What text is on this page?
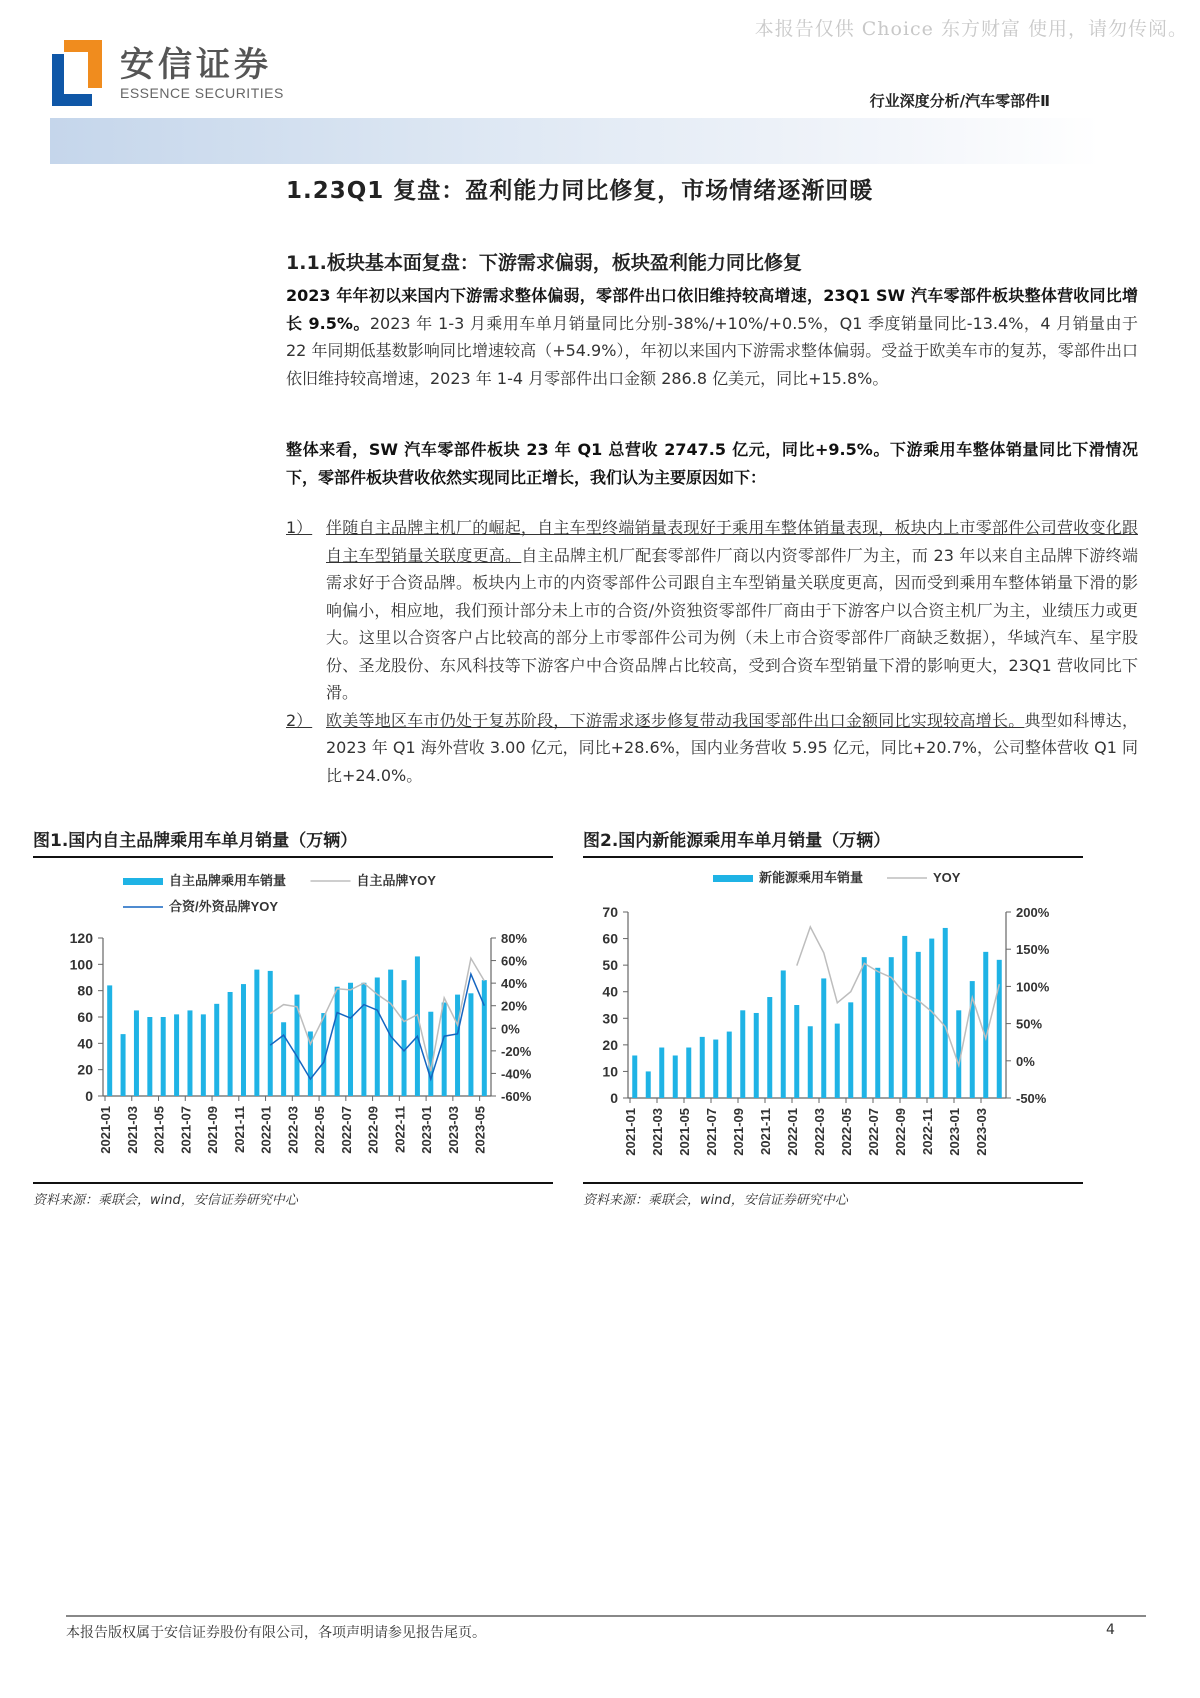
本报告仅供 Choice 东方财富 使用，请勿传阅。
安信证券
ESSENCE SECURITIES	行业深度分析/汽车零部件Ⅱ
1.23Q1 复盘：盈利能力同比修复，市场情绪逐渐回暖
1.1.板块基本面复盘：下游需求偏弱，板块盈利能力同比修复
2023 年年初以来国内下游需求整体偏弱，零部件出口依旧维持较高增速，23Q1 SW 汽车零部件板块整体营收同比增长 9.5%。2023 年 1-3 月乘用车单月销量同比分别-38%/+10%/+0.5%，Q1 季度销量同比-13.4%，4 月销量由于 22 年同期低基数影响同比增速较高（+54.9%），年初以来国内下游需求整体偏弱。受益于欧美车市的复苏，零部件出口依旧维持较高增速，2023 年 1-4 月零部件出口金额 286.8 亿美元，同比+15.8%。
整体来看，SW 汽车零部件板块 23 年 Q1 总营收 2747.5 亿元，同比+9.5%。下游乘用车整体销量同比下滑情况下，零部件板块营收依然实现同比正增长，我们认为主要原因如下：
1） 伴随自主品牌主机厂的崛起，自主车型终端销量表现好于乘用车整体销量表现，板块内上市零部件公司营收变化跟自主车型销量关联度更高。自主品牌主机厂配套零部件厂商以内资零部件厂为主，而 23 年以来自主品牌下游终端需求好于合资品牌。板块内上市的内资零部件公司跟自主车型销量关联度更高，因而受到乘用车整体销量下滑的影响偏小，相应地，我们预计部分未上市的合资/外资独资零部件厂商由于下游客户以合资主机厂为主，业绩压力或更大。这里以合资客户占比较高的部分上市零部件公司为例（未上市合资零部件厂商缺乏数据），华域汽车、星宇股份、圣龙股份、东风科技等下游客户中合资品牌占比较高，受到合资车型销量下滑的影响更大，23Q1 营收同比下滑。
2） 欧美等地区车市仍处于复苏阶段，下游需求逐步修复带动我国零部件出口金额同比实现较高增长。典型如科博达，2023 年 Q1 海外营收 3.00 亿元，同比+28.6%，国内业务营收 5.95 亿元，同比+20.7%，公司整体营收 Q1 同比+24.0%。
图1.国内自主品牌乘用车单月销量（万辆）
自主品牌乘用车销量	自主品牌YOY
合资/外资品牌YOY
0
20
40
60
80
100
120
-60%
-40%
-20%
0%
20%
40%
60%
80%
2021-01 2021-03 2021-05 2021-07 2021-09 2021-11 2022-01 2022-03 2022-05 2022-07 2022-09 2022-11 2023-01 2023-03 2023-05
资料来源：乘联会，wind，安信证券研究中心
图2.国内新能源乘用车单月销量（万辆）
新能源乘用车销量	YOY
0
10
20
30
40
50
60
70
-50%
0%
50%
100%
150%
200%
2021-01 2021-03 2021-05 2021-07 2021-09 2021-11 2022-01 2022-03 2022-05 2022-07 2022-09 2022-11 2023-01 2023-03
资料来源：乘联会，wind，安信证券研究中心
本报告版权属于安信证券股份有限公司，各项声明请参见报告尾页。	4
